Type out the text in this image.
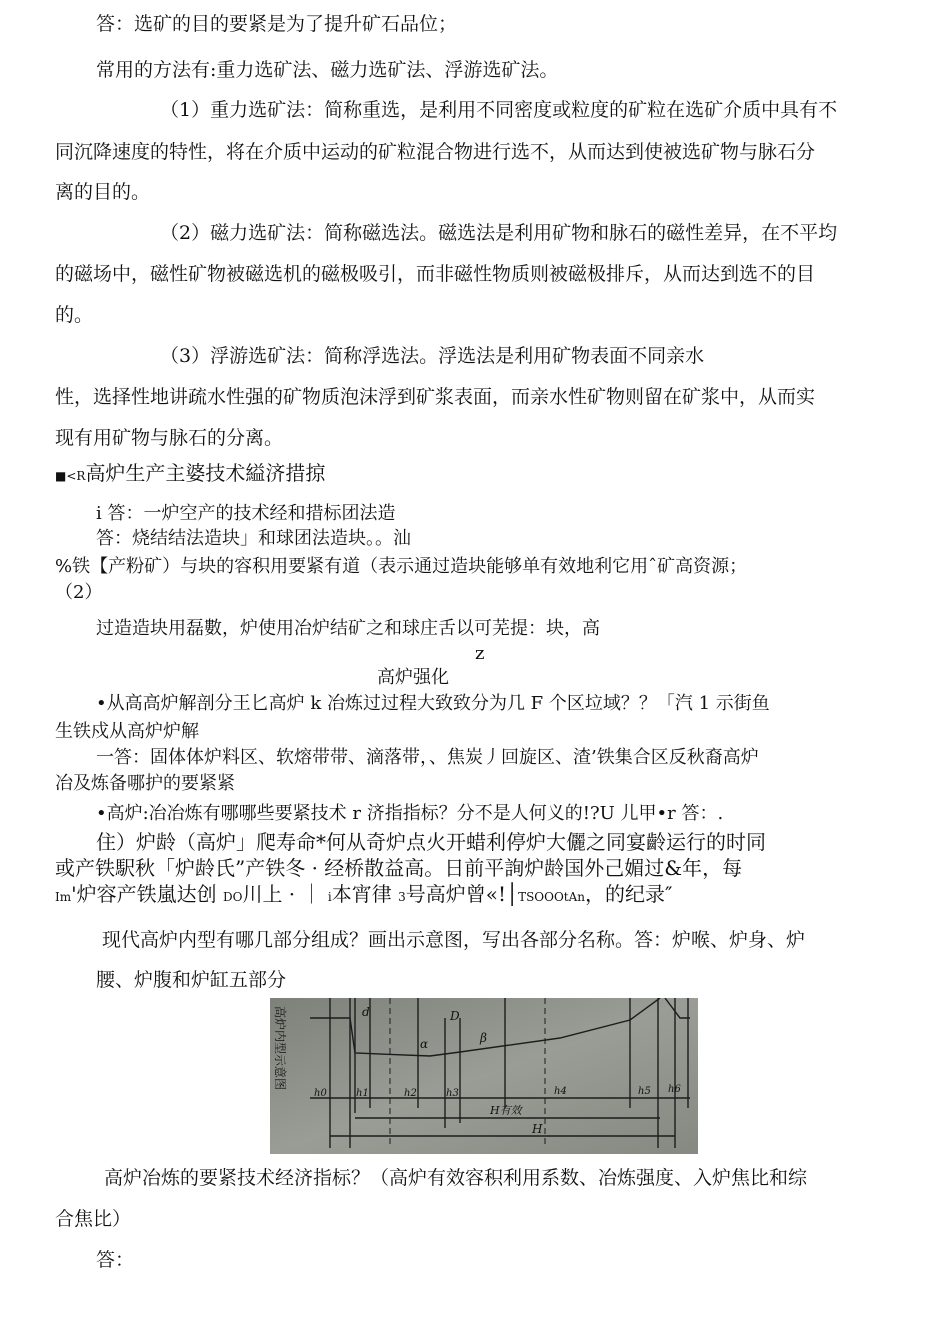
答：选矿的目的要紧是为了提升矿石品位；
常用的方法有:重力选矿法、磁力选矿法、浮游选矿法。
（1）重力选矿法：简称重选，是利用不同密度或粒度的矿粒在选矿介质中具有不
同沉降速度的特性，将在介质中运动的矿粒混合物进行选不，从而达到使被选矿物与脉石分
离的目的。
（2）磁力选矿法：简称磁选法。磁选法是利用矿物和脉石的磁性差异，在不平均
的磁场中，磁性矿物被磁选机的磁极吸引，而非磁性物质则被磁极排斥，从而达到选不的目
的。
（3）浮游选矿法：简称浮选法。浮选法是利用矿物表面不同亲水
性，选择性地讲疏水性强的矿物质泡沫浮到矿浆表面，而亲水性矿物则留在矿浆中，从而实
现有用矿物与脉石的分离。
■<R高炉生产主婆技术縊济措掠
i 答：一炉空产的技术经和措标团法造
答：烧结结法造块」和球团法造块。。汕
%铁【产粉矿）与块的容积用要紧有道（表示通过造块能够单有效地利它用ˆ矿高资源；
（2）
过造造块用磊數，炉使用冶炉结矿之和球庄舌以可芜提：块，高
z
高炉强化
•从高高炉解剖分王匕高炉 k 冶炼过过程大致致分为几 F 个区垃域？？「汽 1 示街鱼
生铁戍从高炉炉解
一答：固体体炉料区、软熔带带、滴落带，、焦炭丿回旋区、渣’铁集合区反秋裔高炉
冶及炼备哪护的要紧紧
•高炉:冶冶炼有哪哪些要紧技术 r 济指指标？分不是人何义的!?U 儿甲•r 答：.
住）炉龄（高炉」爬寿命*何从奇炉点火开蜡利停炉大儷之同宴齡运行的时同
或产铁駅秋「炉龄氏”产铁冬 · 经桥散益高。日前平詢炉龄国外己媚过&年，每
Im'炉容产铁嵐达创 DO川上 · ｜ i本宵律 3号高炉曾«!│TSOOOtAn，的纪录″
现代高炉内型有哪几部分组成？画出示意图，写出各部分名称。答：炉喉、炉身、炉
腰、炉腹和炉缸五部分
d	D
α	β
h0	h1	h2	h3	h4	h5 h6
H有效
H
高炉内型示意图
高炉冶炼的要紧技术经济指标？（高炉有效容积利用系数、冶炼强度、入炉焦比和综
合焦比）
答：
